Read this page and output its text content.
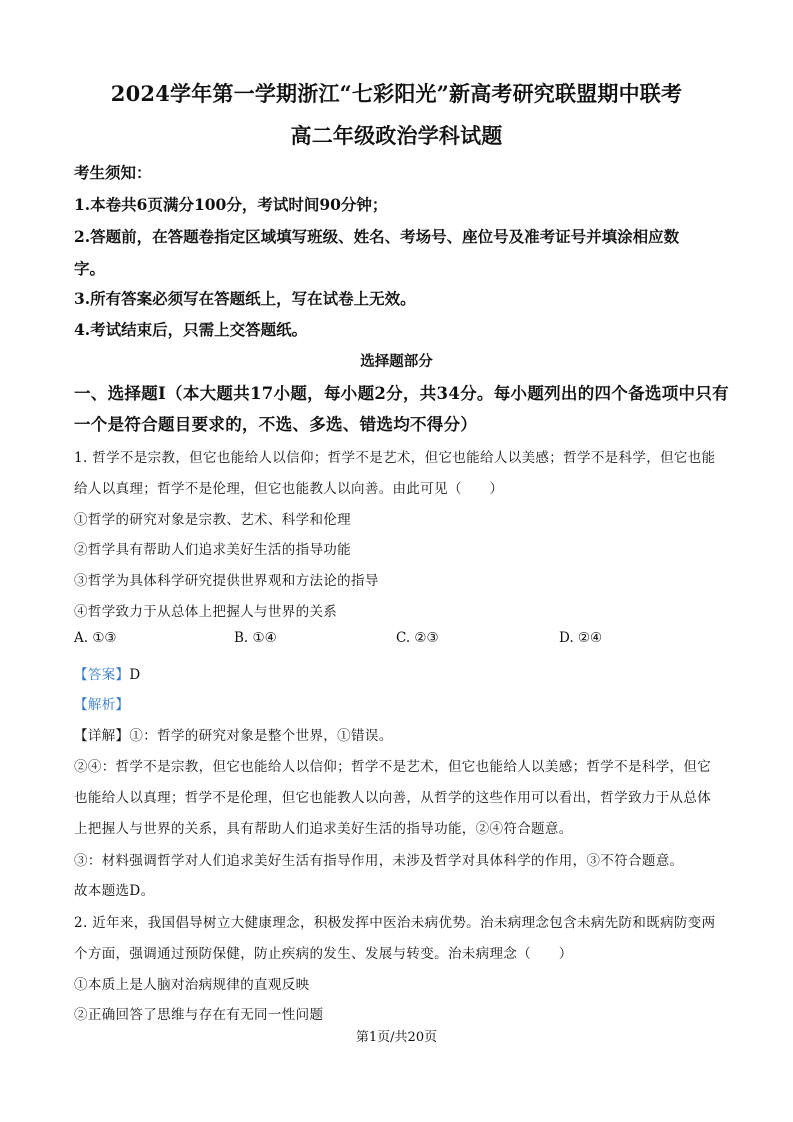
2024学年第一学期浙江“七彩阳光”新高考研究联盟期中联考
高二年级政治学科试题
考生须知：
1.本卷共6页满分100分，考试时间90分钟；
2.答题前，在答题卷指定区域填写班级、姓名、考场号、座位号及准考证号并填涂相应数
字。
3.所有答案必须写在答题纸上，写在试卷上无效。
4.考试结束后，只需上交答题纸。
选择题部分
一、选择题Ⅰ（本大题共17小题，每小题2分，共34分。每小题列出的四个备选项中只有
一个是符合题目要求的，不选、多选、错选均不得分）
1. 哲学不是宗教，但它也能给人以信仰；哲学不是艺术，但它也能给人以美感；哲学不是科学，但它也能
给人以真理；哲学不是伦理，但它也能教人以向善。由此可见（　　）
①哲学的研究对象是宗教、艺术、科学和伦理
②哲学具有帮助人们追求美好生活的指导功能
③哲学为具体科学研究提供世界观和方法论的指导
④哲学致力于从总体上把握人与世界的关系
A. ①③	B. ①④	C. ②③	D. ②④
【答案】D
【解析】
【详解】①：哲学的研究对象是整个世界，①错误。
②④：哲学不是宗教，但它也能给人以信仰；哲学不是艺术，但它也能给人以美感；哲学不是科学，但它
也能给人以真理；哲学不是伦理，但它也能教人以向善，从哲学的这些作用可以看出，哲学致力于从总体
上把握人与世界的关系，具有帮助人们追求美好生活的指导功能，②④符合题意。
③：材料强调哲学对人们追求美好生活有指导作用，未涉及哲学对具体科学的作用，③不符合题意。
故本题选D。
2. 近年来，我国倡导树立大健康理念，积极发挥中医治未病优势。治未病理念包含未病先防和既病防变两
个方面，强调通过预防保健，防止疾病的发生、发展与转变。治未病理念（　　）
①本质上是人脑对治病规律的直观反映
②正确回答了思维与存在有无同一性问题
第1页/共20页
